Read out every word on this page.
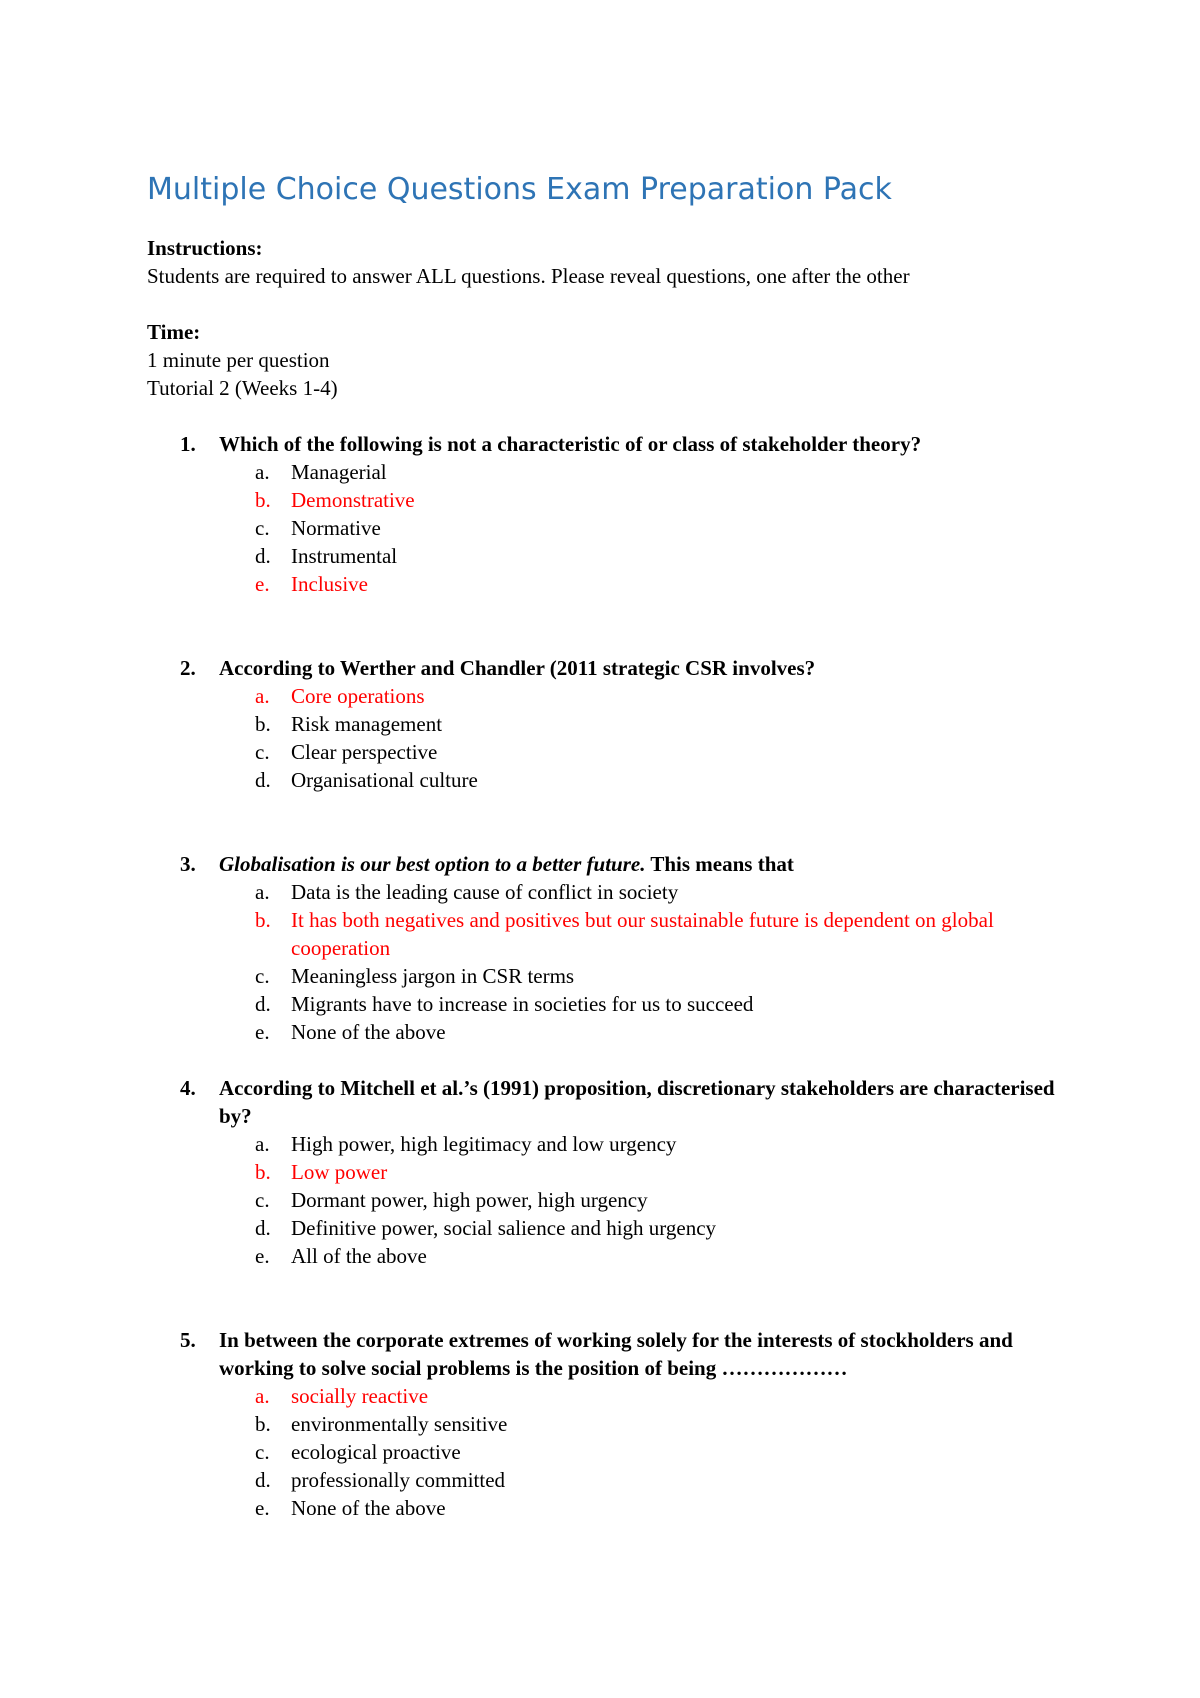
Multiple Choice Questions Exam Preparation Pack

Instructions:

Students are required to answer ALL questions. Please reveal questions, one after the other

Time:

1 minute per question

Tutorial 2 (Weeks 1-4)

1. Which of the following is not a characteristic of or class of stakeholder theory?
a. Managerial
b. Demonstrative
c. Normative
d. Instrumental
e. Inclusive
2. According to Werther and Chandler (2011 strategic CSR involves?
a. Core operations
b. Risk management
c. Clear perspective
d. Organisational culture
3. Globalisation is our best option to a better future. This means that
a. Data is the leading cause of conflict in society
b. It has both negatives and positives but our sustainable future is dependent on global cooperation
c. Meaningless jargon in CSR terms
d. Migrants have to increase in societies for us to succeed
e. None of the above
4. According to Mitchell et al.’s (1991) proposition, discretionary stakeholders are characterised by?
a. High power, high legitimacy and low urgency
b. Low power
c. Dormant power, high power, high urgency
d. Definitive power, social salience and high urgency
e. All of the above
5. In between the corporate extremes of working solely for the interests of stockholders and working to solve social problems is the position of being ………………
a. socially reactive
b. environmentally sensitive
c. ecological proactive
d. professionally committed
e. None of the above
